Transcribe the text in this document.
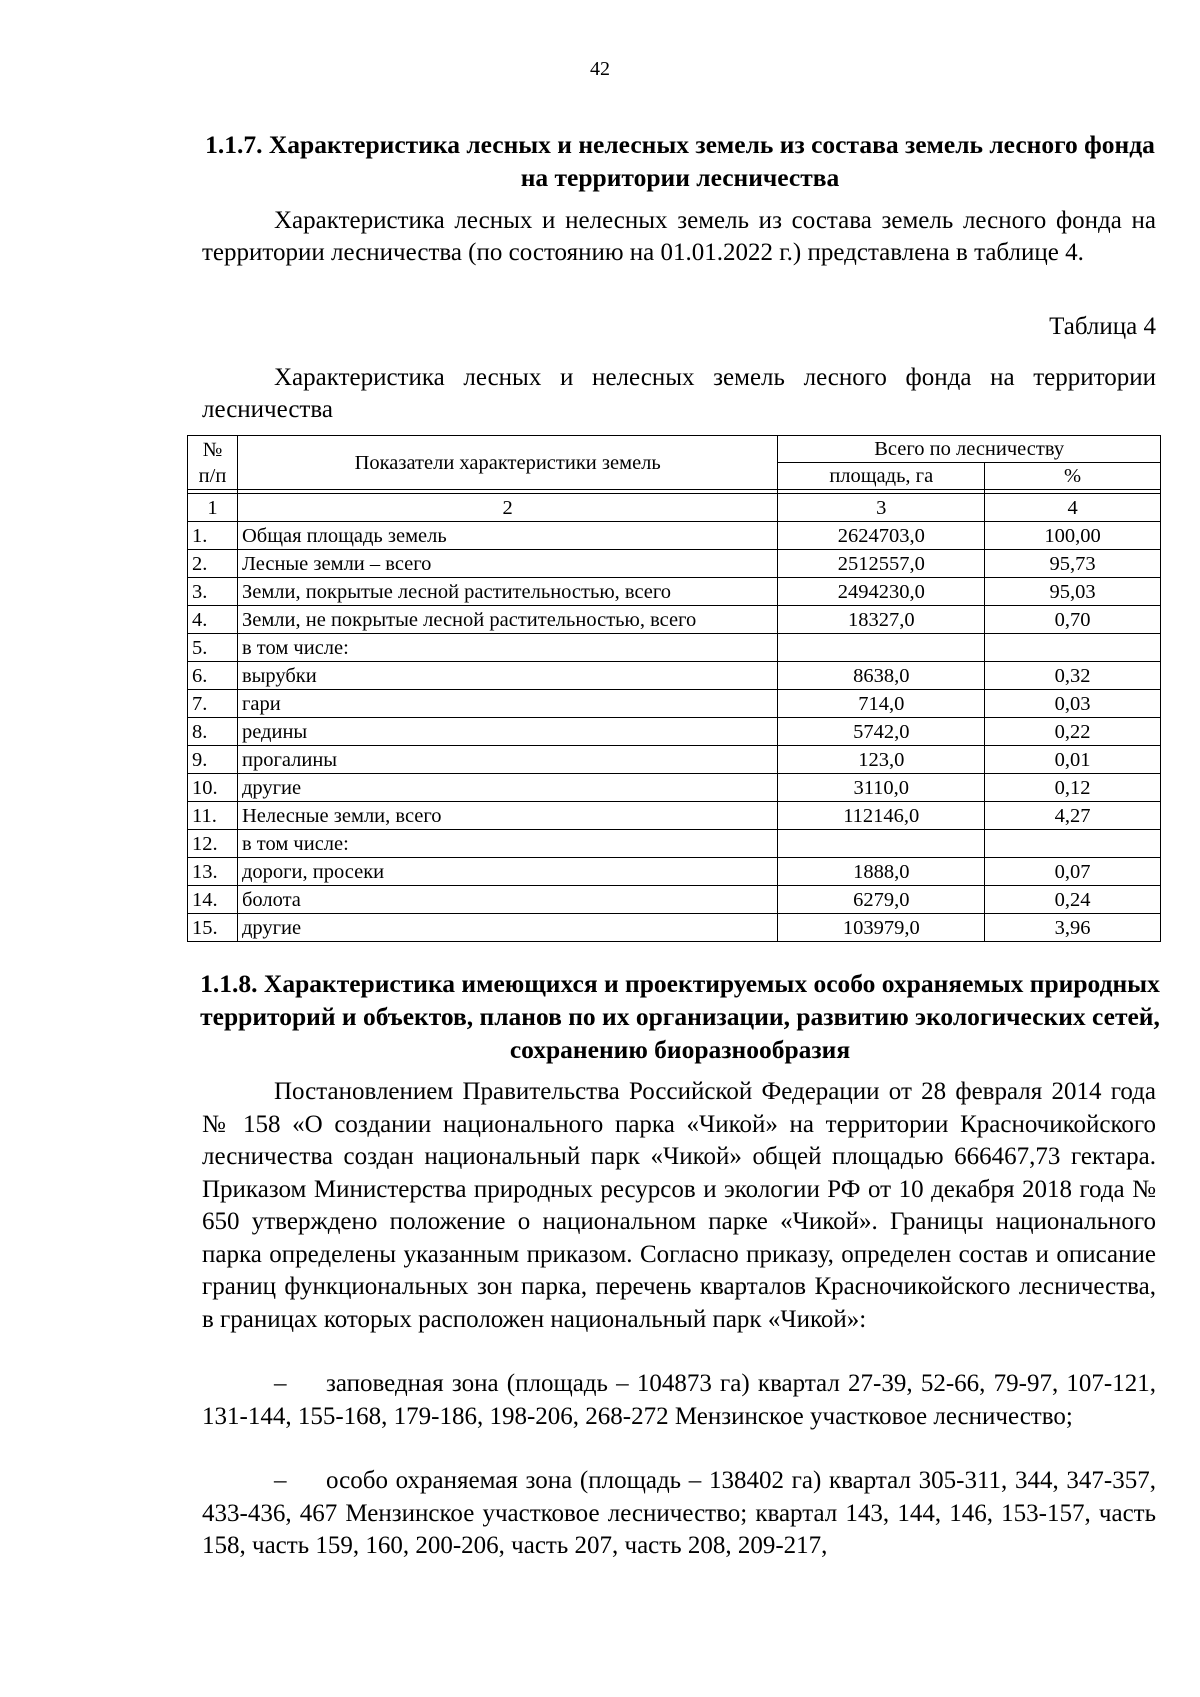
42
1.1.7. Характеристика лесных и нелесных земель из состава земель лесного фонда на территории лесничества
Характеристика лесных и нелесных земель из состава земель лесного фонда на территории лесничества (по состоянию на 01.01.2022 г.) представлена в таблице 4.
Таблица 4
Характеристика лесных и нелесных земель лесного фонда на территории лесничества
№ п/п	Показатели характеристики земель	Всего по лесничеству	
		площадь, га	%

1	2	3	4
1.	Общая площадь земель	2624703,0	100,00
2.	Лесные земли – всего	2512557,0	95,73
3.	Земли, покрытые лесной растительностью, всего	2494230,0	95,03
4.	Земли, не покрытые лесной растительностью, всего	18327,0	0,70
5.	в том числе:		
6.	вырубки	8638,0	0,32
7.	гари	714,0	0,03
8.	редины	5742,0	0,22
9.	прогалины	123,0	0,01
10.	другие	3110,0	0,12
11.	Нелесные земли, всего	112146,0	4,27
12.	в том числе:		
13.	дороги, просеки	1888,0	0,07
14.	болота	6279,0	0,24
15.	другие	103979,0	3,96
1.1.8. Характеристика имеющихся и проектируемых особо охраняемых природных территорий и объектов, планов по их организации, развитию экологических сетей, сохранению биоразнообразия
Постановлением Правительства Российской Федерации от 28 февраля 2014 года № 158 «О создании национального парка «Чикой» на территории Красночикойского лесничества создан национальный парк «Чикой» общей площадью 666467,73 гектара. Приказом Министерства природных ресурсов и экологии РФ от 10 декабря 2018 года № 650 утверждено положение о национальном парке «Чикой». Границы национального парка определены указанным приказом. Согласно приказу, определен состав и описание границ функциональных зон парка, перечень кварталов Красночикойского лесничества, в границах которых расположен национальный парк «Чикой»:
– заповедная зона (площадь – 104873 га) квартал 27-39, 52-66, 79-97, 107-121, 131-144, 155-168, 179-186, 198-206, 268-272 Мензинское участковое лесничество;
– особо охраняемая зона (площадь – 138402 га) квартал 305-311, 344, 347-357, 433-436, 467 Мензинское участковое лесничество; квартал 143, 144, 146, 153-157, часть 158, часть 159, 160, 200-206, часть 207, часть 208, 209-217,
